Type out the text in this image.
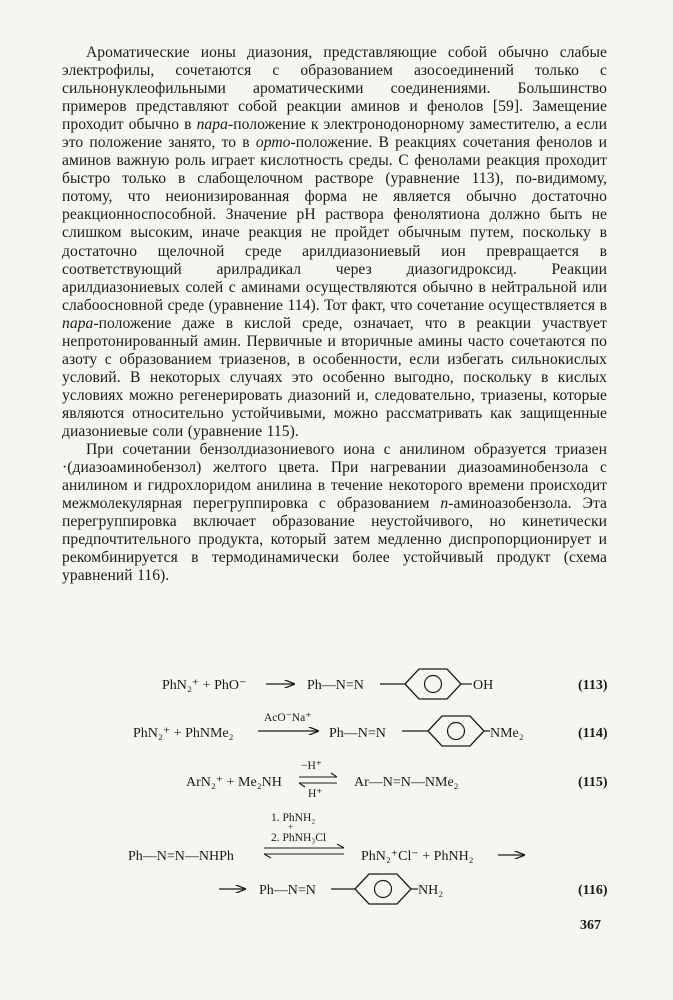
Ароматические ионы диазония, представляющие собой обычно слабые электрофилы, сочетаются с образованием азосоединений только с сильнонуклеофильными ароматическими соединениями. Большинство примеров представляют собой реакции аминов и фенолов [59]. Замещение проходит обычно в пара-положение к электронодонорному заместителю, а если это положение занято, то в орто-положение. В реакциях сочетания фенолов и аминов важную роль играет кислотность среды. С фенолами реакция проходит быстро только в слабощелочном растворе (уравнение 113), по-видимому, потому, что неионизированная форма не является обычно достаточно реакционноспособной. Значение pH раствора фенолятиона должно быть не слишком высоким, иначе реакция не пройдет обычным путем, поскольку в достаточно щелочной среде арилдиазониевый ион превращается в соответствующий арилрадикал через диазогидроксид. Реакции арилдиазониевых солей с аминами осуществляются обычно в нейтральной или слабоосновной среде (уравнение 114). Тот факт, что сочетание осуществляется в пара-положение даже в кислой среде, означает, что в реакции участвует непротонированный амин. Первичные и вторичные амины часто сочетаются по азоту с образованием триазенов, в особенности, если избегать сильнокислых условий. В некоторых случаях это особенно выгодно, поскольку в кислых условиях можно регенерировать диазоний и, следовательно, триазены, которые являются относительно устойчивыми, можно рассматривать как защищенные диазониевые соли (уравнение 115).

При сочетании бензолдиазониевого иона с анилином образуется триазен ·(диазоаминобензол) желтого цвета. При нагревании диазоаминобензола с анилином и гидрохлоридом анилина в течение некоторого времени происходит межмолекулярная перегруппировка с образованием п-аминоазобензола. Эта перегруппировка включает образование неустойчивого, но кинетически предпочтительного продукта, который затем медленно диспропорционирует и рекомбинируется в термодинамически более устойчивый продукт (схема уравнений 116).

PhN₂⁺ + PhO⁻	Ph—N=N	OH	(113)
PhN₂⁺ + PhNMe₂
AcO⁻Na⁺
Ph—N=N	NMe₂	(114)
ArN₂⁺ + Me₂NH
−H⁺
H⁺
Ar—N=N—NMe₂	(115)
1. PhNH₂
+
2. PhNH₃Cl
Ph—N=N—NHPh	PhN₂⁺Cl⁻ + PhNH₂
Ph—N=N	NH₂	(116)
367
